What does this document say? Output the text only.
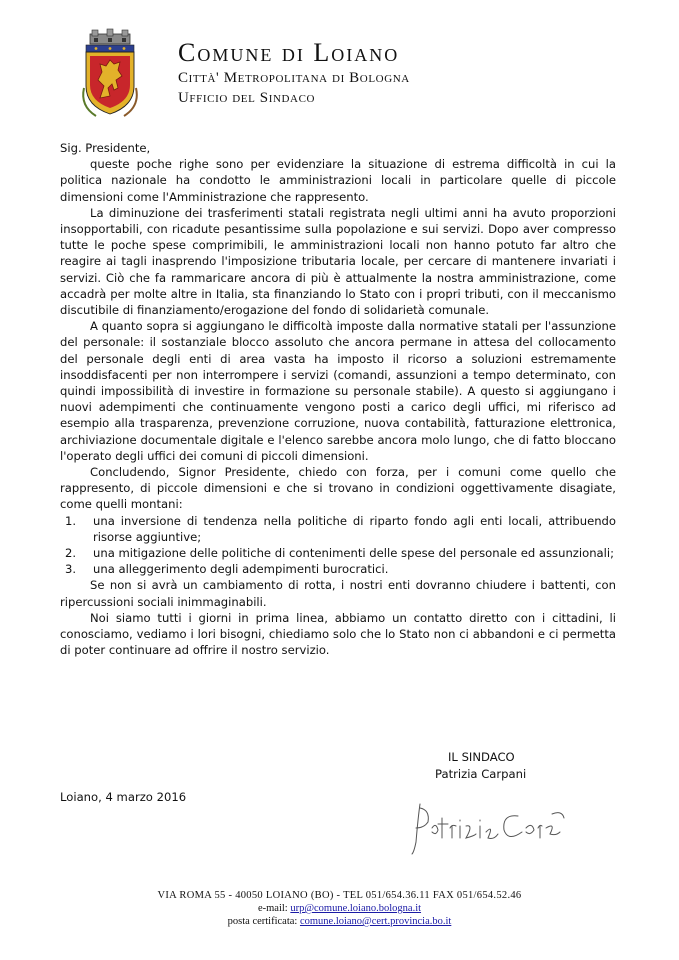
Comune di Loiano
Città' Metropolitana di Bologna
Ufficio del Sindaco

Sig. Presidente,

queste poche righe sono per evidenziare la situazione di estrema difficoltà in cui la politica nazionale ha condotto le amministrazioni locali in particolare quelle di piccole dimensioni come l'Amministrazione che rappresento.

La diminuzione dei trasferimenti statali registrata negli ultimi anni ha avuto proporzioni insopportabili, con ricadute pesantissime sulla popolazione e sui servizi. Dopo aver compresso tutte le poche spese comprimibili, le amministrazioni locali non hanno potuto far altro che reagire ai tagli inasprendo l'imposizione tributaria locale, per cercare di mantenere invariati i servizi. Ciò che fa rammaricare ancora di più è attualmente la nostra amministrazione, come accadrà per molte altre in Italia, sta finanziando lo Stato con i propri tributi, con il meccanismo discutibile di finanziamento/erogazione del fondo di solidarietà comunale.

A quanto sopra si aggiungano le difficoltà imposte dalla normative statali per l'assunzione del personale: il sostanziale blocco assoluto che ancora permane in attesa del collocamento del personale degli enti di area vasta ha imposto il ricorso a soluzioni estremamente insoddisfacenti per non interrompere i servizi (comandi, assunzioni a tempo determinato, con quindi impossibilità di investire in formazione su personale stabile). A questo si aggiungano i nuovi adempimenti che continuamente vengono posti a carico degli uffici, mi riferisco ad esempio alla trasparenza, prevenzione corruzione, nuova contabilità, fatturazione elettronica, archiviazione documentale digitale e l'elenco sarebbe ancora molo lungo, che di fatto bloccano l'operato degli uffici dei comuni di piccoli dimensioni.

Concludendo, Signor Presidente, chiedo con forza, per i comuni come quello che rappresento, di piccole dimensioni e che si trovano in condizioni oggettivamente disagiate, come quelli montani:

1. una inversione di tendenza nella politiche di riparto fondo agli enti locali, attribuendo risorse aggiuntive;
2. una mitigazione delle politiche di contenimenti delle spese del personale ed assunzionali;
3. una alleggerimento degli adempimenti burocratici.

Se non si avrà un cambiamento di rotta, i nostri enti dovranno chiudere i battenti, con ripercussioni sociali inimmaginabili.

Noi siamo tutti i giorni in prima linea, abbiamo un contatto diretto con i cittadini, li conosciamo, vediamo i lori bisogni, chiediamo solo che lo Stato non ci abbandoni e ci permetta di poter continuare ad offrire il nostro servizio.

IL SINDACO
Patrizia Carpani
Loiano, 4 marzo 2016
VIA ROMA 55 - 40050 LOIANO (BO) - TEL 051/654.36.11 FAX 051/654.52.46
e-mail: urp@comune.loiano.bologna.it
posta certificata: comune.loiano@cert.provincia.bo.it
